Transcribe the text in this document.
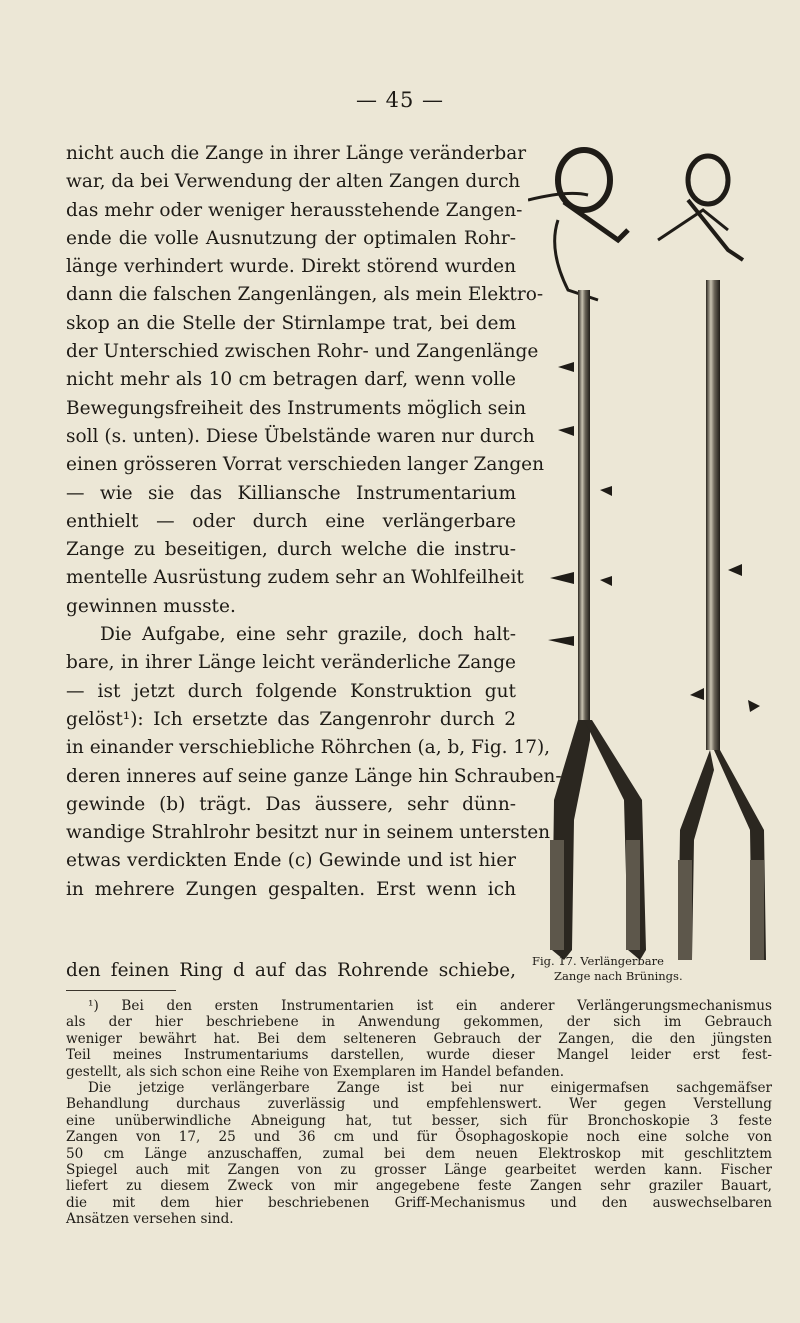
— 45 —
nicht auch die Zange in ihrer Länge veränderbar
war, da bei Verwendung der alten Zangen durch
das mehr oder weniger herausstehende Zangen-
ende die volle Ausnutzung der optimalen Rohr-
länge verhindert wurde. Direkt störend wurden
dann die falschen Zangenlängen, als mein Elektro-
skop an die Stelle der Stirnlampe trat, bei dem
der Unterschied zwischen Rohr- und Zangenlänge
nicht mehr als 10 cm betragen darf, wenn volle
Bewegungsfreiheit des Instruments möglich sein
soll (s. unten). Diese Übelstände waren nur durch
einen grösseren Vorrat verschieden langer Zangen
— wie sie das Killiansche Instrumentarium
enthielt — oder durch eine verlängerbare
Zange zu beseitigen, durch welche die instru-
mentelle Ausrüstung zudem sehr an Wohlfeilheit
gewinnen musste.
Die Aufgabe, eine sehr grazile, doch halt-
bare, in ihrer Länge leicht veränderliche Zange
— ist jetzt durch folgende Konstruktion gut
gelöst¹): Ich ersetzte das Zangenrohr durch 2
in einander verschiebliche Röhrchen (a, b, Fig. 17),
deren inneres auf seine ganze Länge hin Schrauben-
gewinde (b) trägt. Das äussere, sehr dünn-
wandige Strahlrohr besitzt nur in seinem untersten
etwas verdickten Ende (c) Gewinde und ist hier
in mehrere Zungen gespalten. Erst wenn ich
den feinen Ring d auf das Rohrende schiebe, Fig. 17. Verlängerbare
Zange nach Brünings.
¹) Bei den ersten Instrumentarien ist ein anderer Verlängerungsmechanismus
als der hier beschriebene in Anwendung gekommen, der sich im Gebrauch
weniger bewährt hat. Bei dem selteneren Gebrauch der Zangen, die den jüngsten
Teil meines Instrumentariums darstellen, wurde dieser Mangel leider erst fest-
gestellt, als sich schon eine Reihe von Exemplaren im Handel befanden.
Die jetzige verlängerbare Zange ist bei nur einigermafsen sachgemäfser
Behandlung durchaus zuverlässig und empfehlenswert. Wer gegen Verstellung
eine unüberwindliche Abneigung hat, tut besser, sich für Bronchoskopie 3 feste
Zangen von 17, 25 und 36 cm und für Ösophagoskopie noch eine solche von
50 cm Länge anzuschaffen, zumal bei dem neuen Elektroskop mit geschlitztem
Spiegel auch mit Zangen von zu grosser Länge gearbeitet werden kann. Fischer
liefert zu diesem Zweck von mir angegebene feste Zangen sehr graziler Bauart,
die mit dem hier beschriebenen Griff-Mechanismus und den auswechselbaren
Ansätzen versehen sind.
